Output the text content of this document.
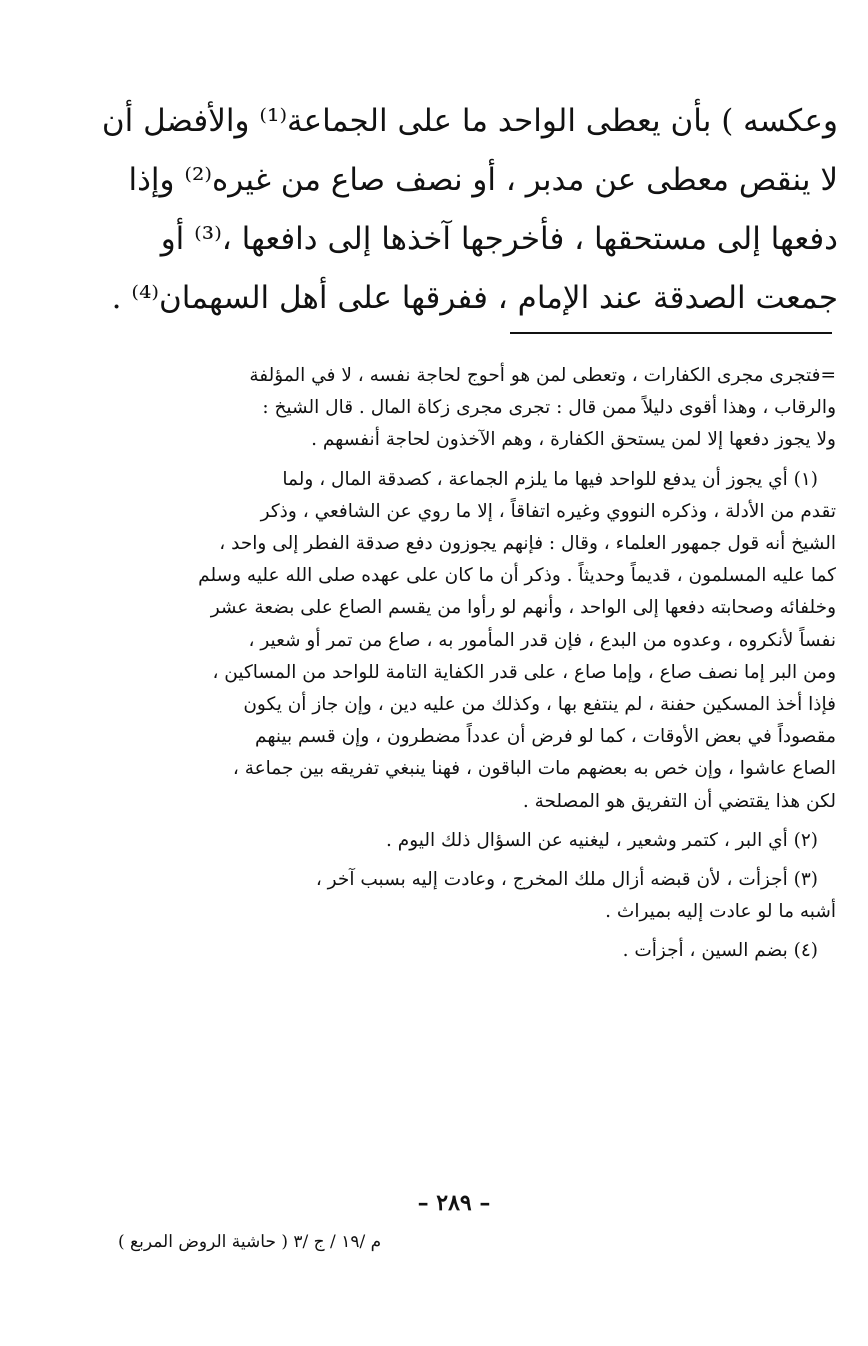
وعكسه ) بأن يعطى الواحد ما على الجماعة⁽¹⁾ والأفضل أن
لا ينقص معطى عن مدبر ، أو نصف صاع من غيره⁽²⁾ وإذا
دفعها إلى مستحقها ، فأخرجها آخذها إلى دافعها ،⁽³⁾ أو
جمعت الصدقة عند الإمام ، ففرقها على أهل السهمان⁽⁴⁾ .
=فتجرى مجرى الكفارات ، وتعطى لمن هو أحوج لحاجة نفسه ، لا في المؤلفة
والرقاب ، وهذا أقوى دليلاً ممن قال : تجرى مجرى زكاة المال . قال الشيخ :
ولا يجوز دفعها إلا لمن يستحق الكفارة ، وهم الآخذون لحاجة أنفسهم .
(١) أي يجوز أن يدفع للواحد فيها ما يلزم الجماعة ، كصدقة المال ، ولما
تقدم من الأدلة ، وذكره النووي وغيره اتفاقاً ، إلا ما روي عن الشافعي ، وذكر
الشيخ أنه قول جمهور العلماء ، وقال : فإنهم يجوزون دفع صدقة الفطر إلى واحد ،
كما عليه المسلمون ، قديماً وحديثاً . وذكر أن ما كان على عهده صلى الله عليه وسلم
وخلفائه وصحابته دفعها إلى الواحد ، وأنهم لو رأوا من يقسم الصاع على بضعة عشر
نفساً لأنكروه ، وعدوه من البدع ، فإن قدر المأمور به ، صاع من تمر أو شعير ،
ومن البر إما نصف صاع ، وإما صاع ، على قدر الكفاية التامة للواحد من المساكين ،
فإذا أخذ المسكين حفنة ، لم ينتفع بها ، وكذلك من عليه دين ، وإن جاز أن يكون
مقصوداً في بعض الأوقات ، كما لو فرض أن عدداً مضطرون ، وإن قسم بينهم
الصاع عاشوا ، وإن خص به بعضهم مات الباقون ، فهنا ينبغي تفريقه بين جماعة ،
لكن هذا يقتضي أن التفريق هو المصلحة .
(٢) أي البر ، كتمر وشعير ، ليغنيه عن السؤال ذلك اليوم .
(٣) أجزأت ، لأن قبضه أزال ملك المخرج ، وعادت إليه بسبب آخر ،
أشبه ما لو عادت إليه بميراث .
(٤) بضم السين ، أجزأت .
– ٢٨٩ –
م /١٩ / ج /٣ ( حاشية الروض المربع )
